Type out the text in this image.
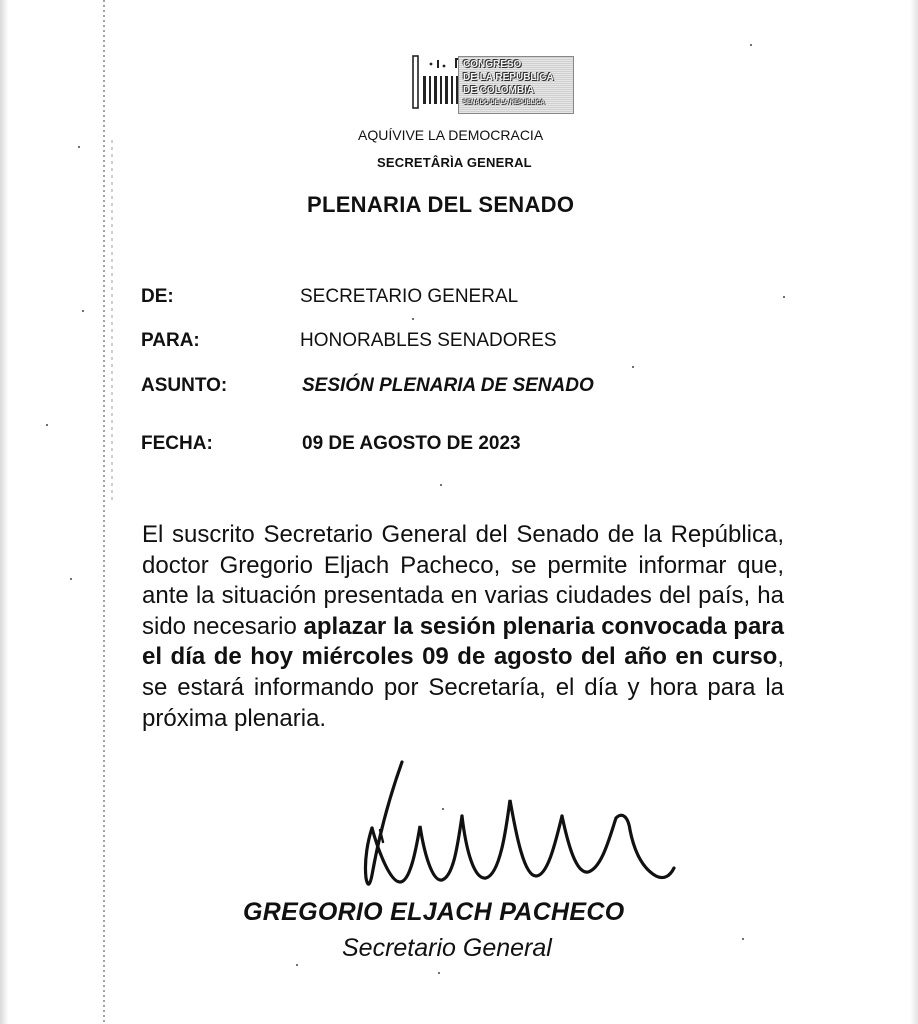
CONGRESO
DE LA REPUBLICA
DE COLOMBIA
SENADO DE LA REPUBLICA
AQUÍVIVE LA DEMOCRACIA
SECRETÂRÌA GENERAL
PLENARIA DEL SENADO
DE:	SECRETARIO GENERAL
PARA:	HONORABLES SENADORES
ASUNTO:	SESIÓN PLENARIA DE SENADO
FECHA:	09 DE AGOSTO DE 2023
El suscrito Secretario General del Senado de la República, doctor Gregorio Eljach Pacheco, se permite informar que, ante la situación presentada en varias ciudades del país, ha sido necesario aplazar la sesión plenaria convocada para el día de hoy miércoles 09 de agosto del año en curso, se estará informando por Secretaría, el día y hora para la próxima plenaria.
GREGORIO ELJACH PACHECO
Secretario General
